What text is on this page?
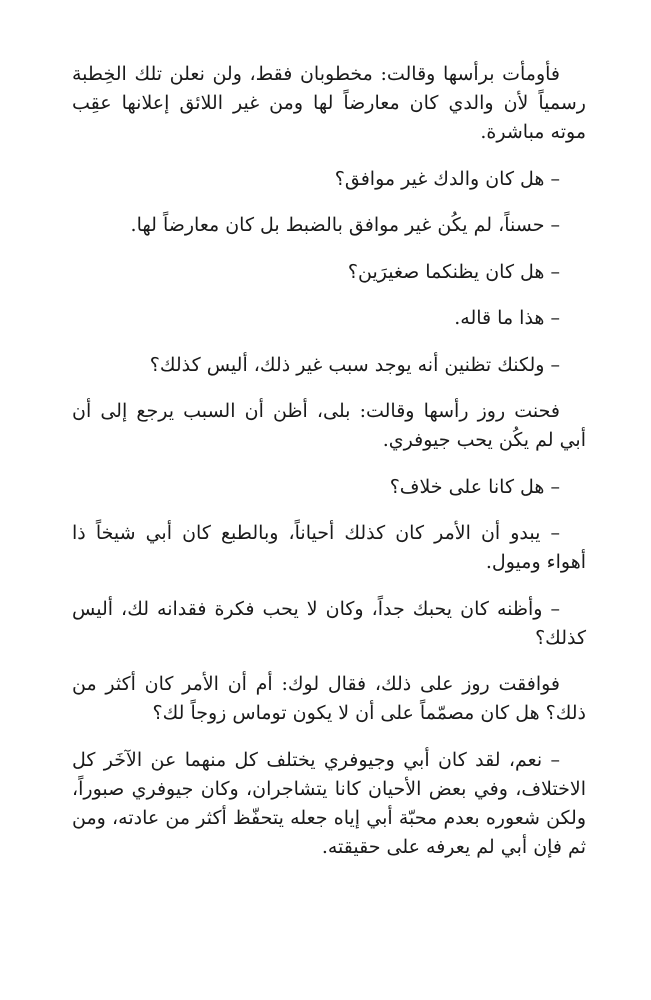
فأومأت برأسها وقالت: مخطوبان فقط، ولن نعلن تلك الخِطبة رسمياً لأن والدي كان معارضاً لها ومن غير اللائق إعلانها عقِب موته مباشرة.

– هل كان والدك غير موافق؟

– حسناً، لم يكُن غير موافق بالضبط بل كان معارضاً لها.

– هل كان يظنكما صغيرَين؟

– هذا ما قاله.

– ولكنك تظنين أنه يوجد سبب غير ذلك، أليس كذلك؟

فحنت روز رأسها وقالت: بلى، أظن أن السبب يرجع إلى أن أبي لم يكُن يحب جيوفري.

– هل كانا على خلاف؟

– يبدو أن الأمر كان كذلك أحياناً، وبالطبع كان أبي شيخاً ذا أهواء وميول.

– وأظنه كان يحبك جداً، وكان لا يحب فكرة فقدانه لك، أليس كذلك؟

فوافقت روز على ذلك، فقال لوك: أم أن الأمر كان أكثر من ذلك؟ هل كان مصمّماً على أن لا يكون توماس زوجاً لك؟

– نعم، لقد كان أبي وجيوفري يختلف كل منهما عن الآخَر كل الاختلاف، وفي بعض الأحيان كانا يتشاجران، وكان جيوفري صبوراً، ولكن شعوره بعدم محبّة أبي إياه جعله يتحفّظ أكثر من عادته، ومن ثم فإن أبي لم يعرفه على حقيقته.
